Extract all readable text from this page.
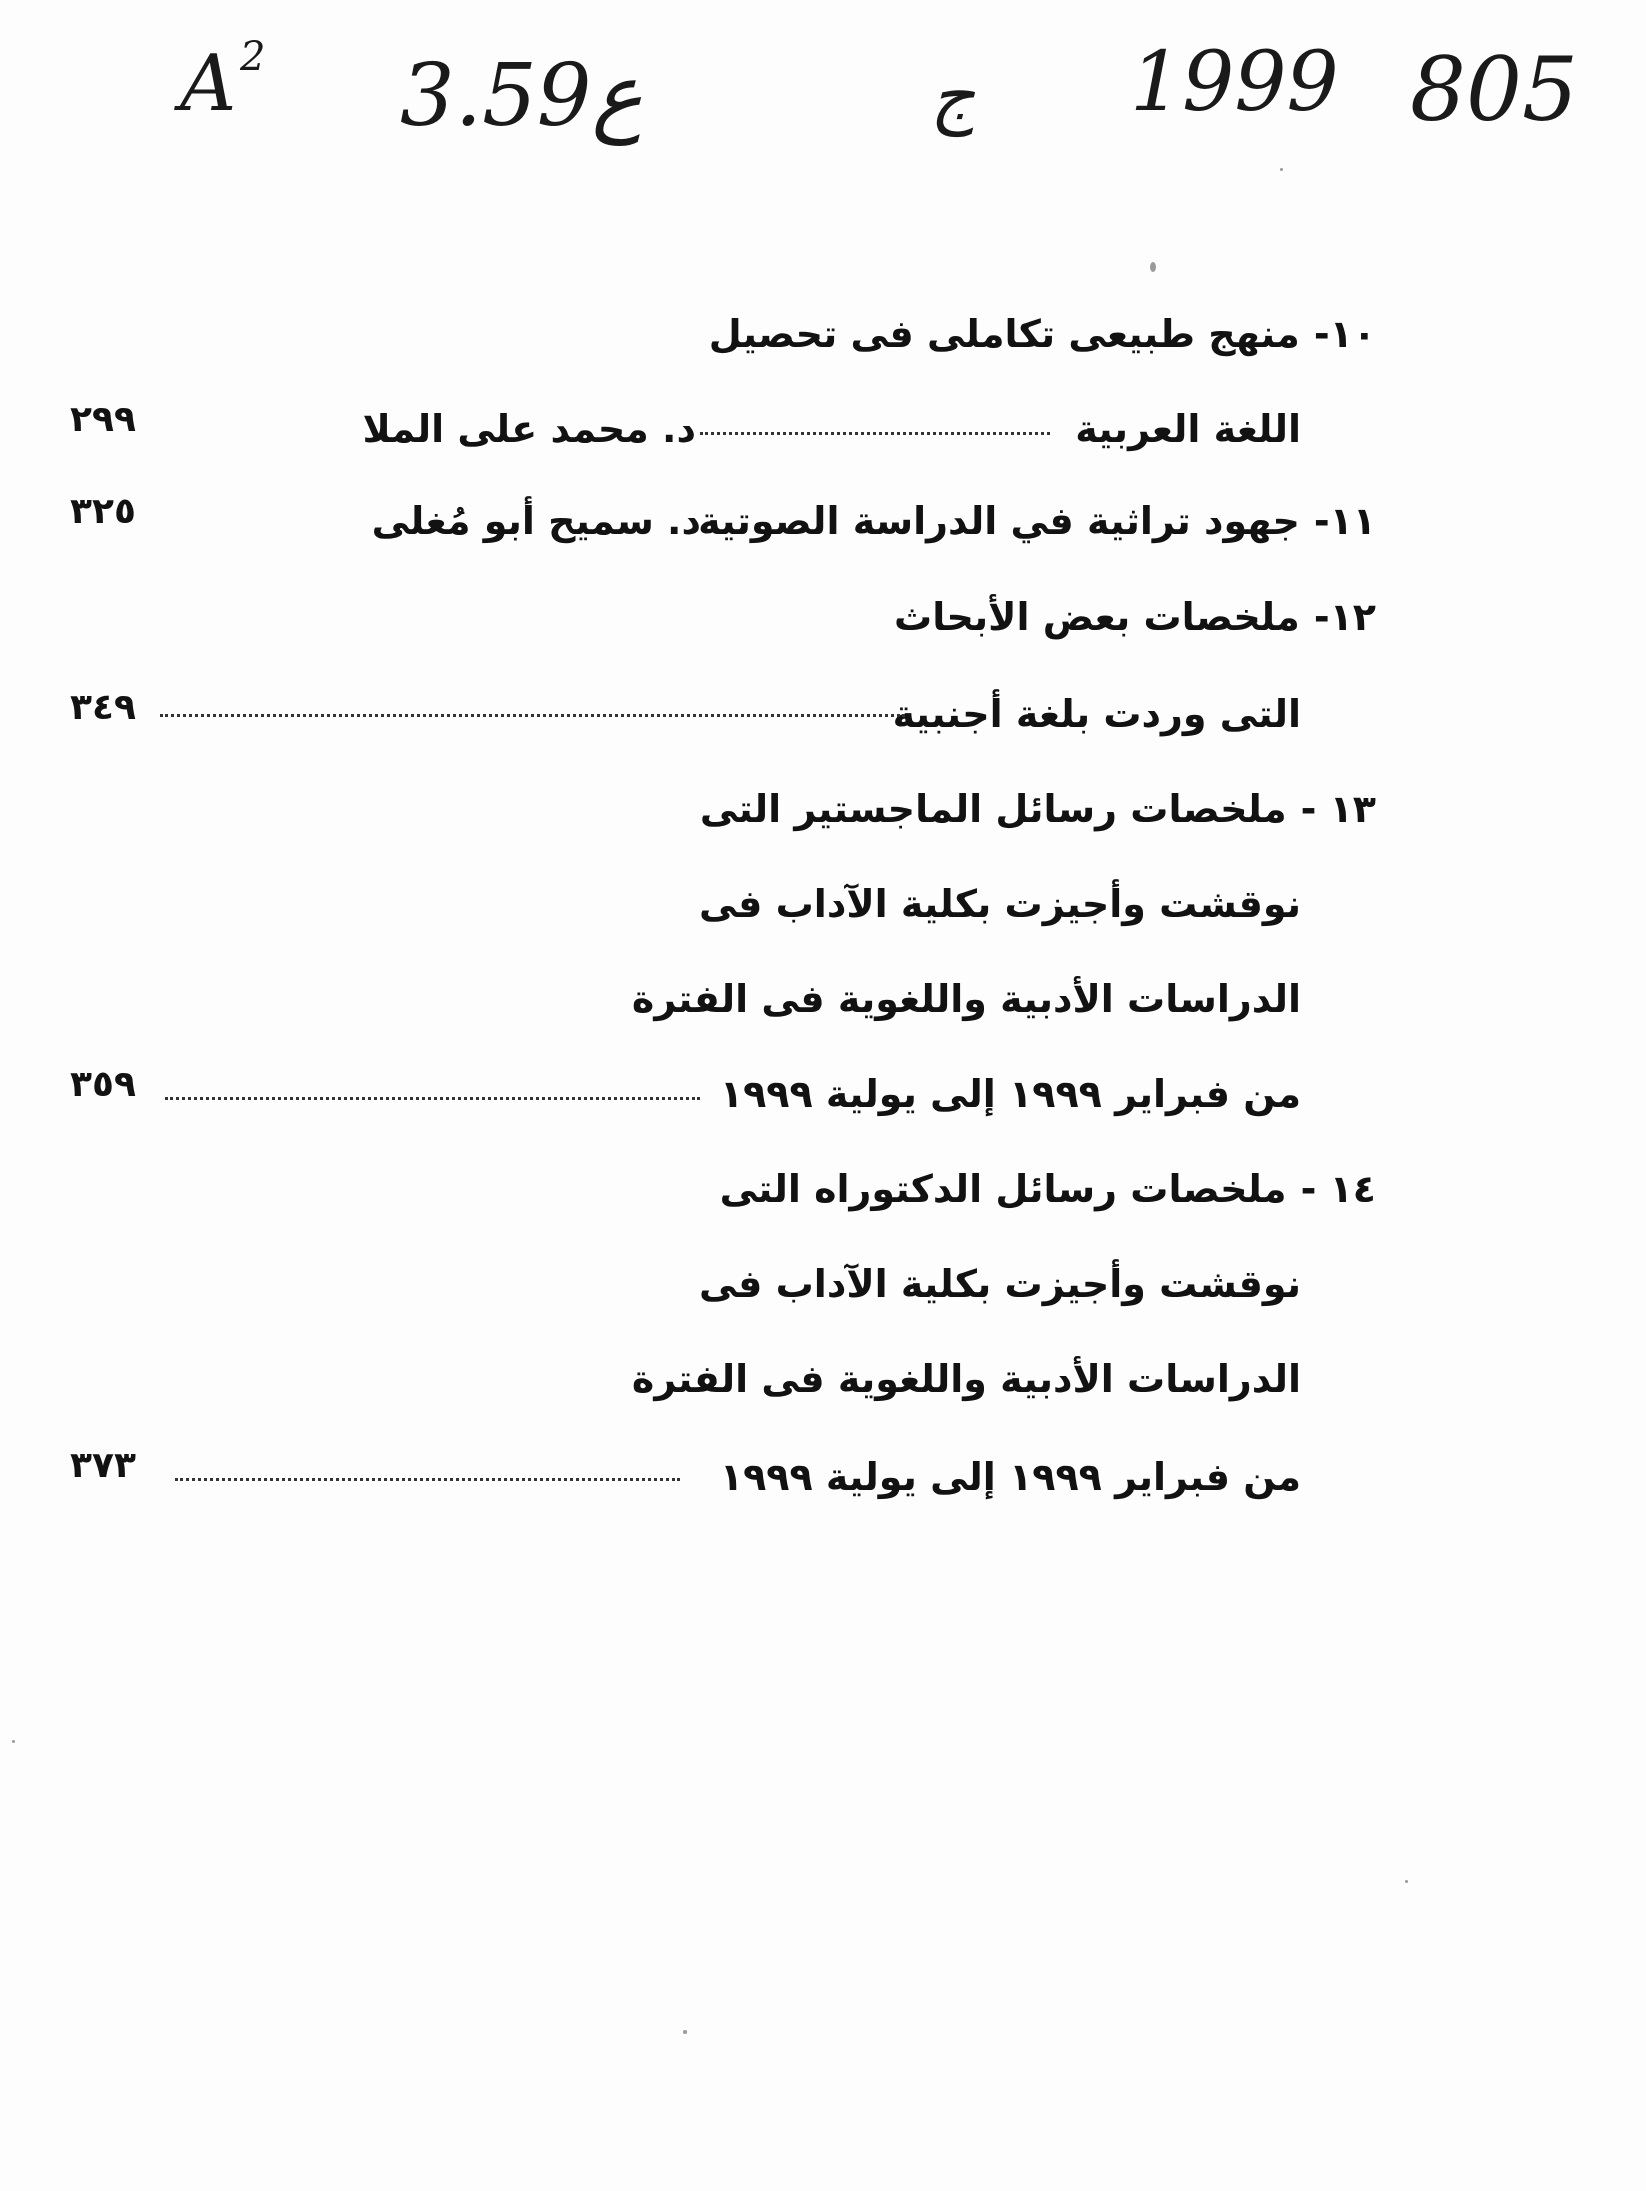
A 2 3.ع59	ج 1999 805
١٠-منهج طبيعى تكاملى فى تحصيل
اللغة العربية
د. محمد على الملا
٢٩٩
١١-جهود تراثية في الدراسة الصوتية
د. سميح أبو مُغلى
٣٢٥
١٢-ملخصات بعض الأبحاث
التى وردت بلغة أجنبية
٣٤٩
١٣ -ملخصات رسائل الماجستير التى
نوقشت وأجيزت بكلية الآداب فى
الدراسات الأدبية واللغوية فى الفترة
من فبراير ١٩٩٩ إلى يولية ١٩٩٩
٣٥٩
١٤ -ملخصات رسائل الدكتوراه التى
نوقشت وأجيزت بكلية الآداب فى
الدراسات الأدبية واللغوية فى الفترة
من فبراير ١٩٩٩ إلى يولية ١٩٩٩
٣٧٣
